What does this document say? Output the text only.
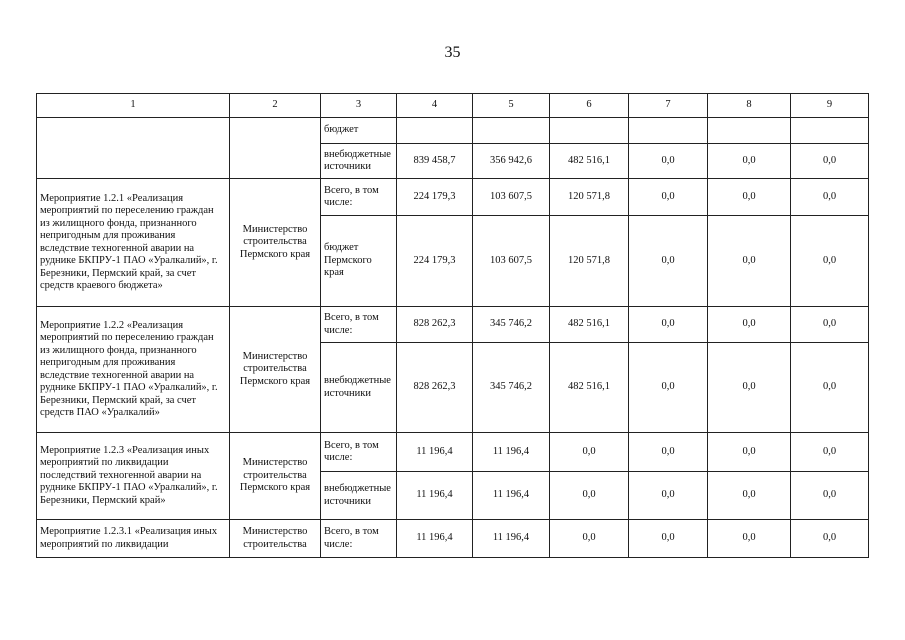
35
1	2	3	4	5	6	7	8	9
		бюджет						
		внебюджетные источники	839 458,7	356 942,6	482 516,1	0,0	0,0	0,0
Мероприятие 1.2.1 «Реализация мероприятий по переселению граждан из жилищного фонда, признанного непригодным для проживания вследствие техногенной аварии на руднике БКПРУ-1 ПАО «Уралкалий», г. Березники, Пермский край, за счет средств краевого бюджета»	Министерство строительства Пермского края	Всего, в том числе:	224 179,3	103 607,5	120 571,8	0,0	0,0	0,0
		бюджет Пермского края	224 179,3	103 607,5	120 571,8	0,0	0,0	0,0
Мероприятие 1.2.2 «Реализация мероприятий по переселению граждан из жилищного фонда, признанного непригодным для проживания вследствие техногенной аварии на руднике БКПРУ-1 ПАО «Уралкалий», г. Березники, Пермский край, за счет средств ПАО «Уралкалий»	Министерство строительства Пермского края	Всего, в том числе:	828 262,3	345 746,2	482 516,1	0,0	0,0	0,0
		внебюджетные источники	828 262,3	345 746,2	482 516,1	0,0	0,0	0,0
Мероприятие 1.2.3 «Реализация иных мероприятий по ликвидации последствий техногенной аварии на руднике БКПРУ-1 ПАО «Уралкалий», г. Березники, Пермский край»	Министерство строительства Пермского края	Всего, в том числе:	11 196,4	11 196,4	0,0	0,0	0,0	0,0
		внебюджетные источники	11 196,4	11 196,4	0,0	0,0	0,0	0,0
Мероприятие 1.2.3.1 «Реализация иных мероприятий по ликвидации	Министерство строительства	Всего, в том числе:	11 196,4	11 196,4	0,0	0,0	0,0	0,0
